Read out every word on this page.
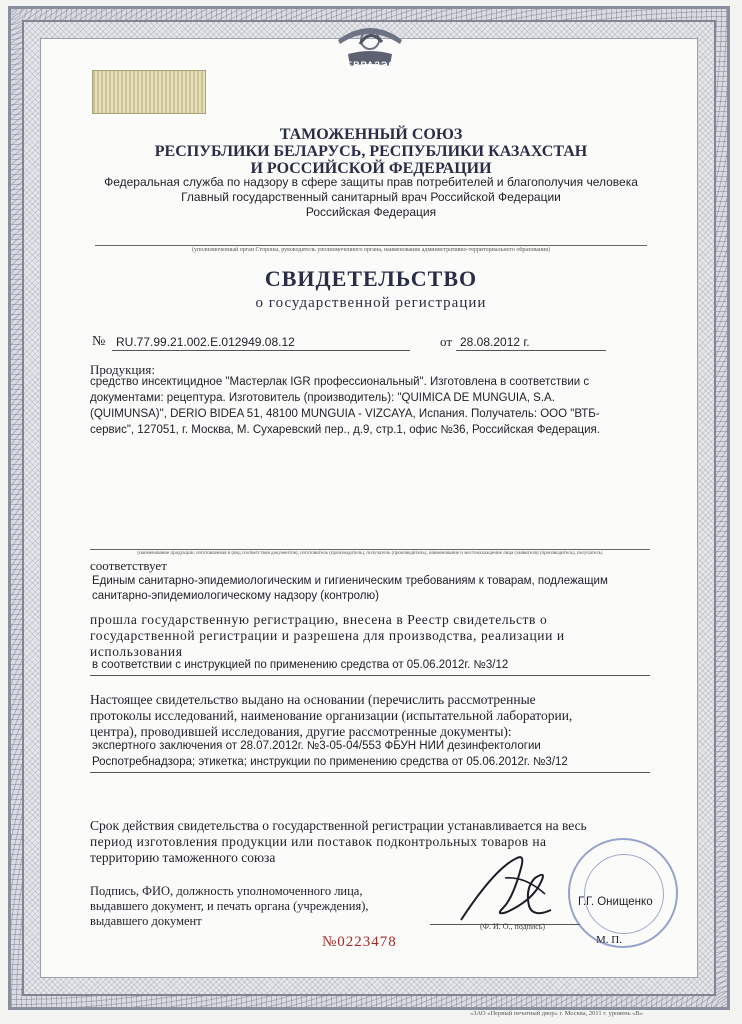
ЕВРАЗЭС
ТАМОЖЕННЫЙ СОЮЗ
РЕСПУБЛИКИ БЕЛАРУСЬ, РЕСПУБЛИКИ КАЗАХСТАН
И РОССИЙСКОЙ ФЕДЕРАЦИИ
Федеральная служба по надзору в сфере защиты прав потребителей и благополучия человека
Главный государственный санитарный врач Российской Федерации
Российская Федерация
(уполномоченный орган Стороны, руководитель уполномоченного органа, наименование административно-территориального образования)
СВИДЕТЕЛЬСТВО
о государственной регистрации
№ RU.77.99.21.002.Е.012949.08.12	от 28.08.2012 г.
Продукция:
средство инсектицидное "Мастерлак IGR профессиональный". Изготовлена в соответствии с
документами: рецептура. Изготовитель (производитель): "QUIMICA DE MUNGUIA, S.A.
(QUIMUNSA)", DERIO BIDEA 51, 48100 MUNGUIA - VIZCAYA, Испания. Получатель: ООО "ВТБ-
сервис", 127051, г. Москва, М. Сухаревский пер., д.9, стр.1, офис №36, Российская Федерация.
(наименование продукции, изготовленная в (вид соответствия документов), изготовитель (производитель), получатель (производитель), наименование и местонахождение лица (заявителя) (производитель), получатель)
соответствует
Единым санитарно-эпидемиологическим и гигиеническим требованиям к товарам, подлежащим
санитарно-эпидемиологическому надзору (контролю)
прошла государственную регистрацию, внесена в Реестр свидетельств о
государственной регистрации и разрешена для производства, реализации и
использования
в соответствии с инструкцией по применению средства от 05.06.2012г. №3/12
Настоящее свидетельство выдано на основании (перечислить рассмотренные
протоколы исследований, наименование организации (испытательной лаборатории,
центра), проводившей исследования, другие рассмотренные документы):
экспертного заключения от 28.07.2012г. №3-05-04/553 ФБУН НИИ дезинфектологии
Роспотребнадзора; этикетка; инструкции по применению средства от 05.06.2012г. №3/12
Срок действия свидетельства о государственной регистрации устанавливается на весь
период изготовления продукции или поставок подконтрольных товаров на
территорию таможенного союза
Подпись, ФИО, должность уполномоченного лица,
выдавшего документ, и печать органа (учреждения),
выдавшего документ
Г.Г. Онищенко
(Ф. И. О., подпись)
М. П.
№0223478
«ЗАО «Первый печатный двор» г. Москва, 2011 г. уровень «В»
